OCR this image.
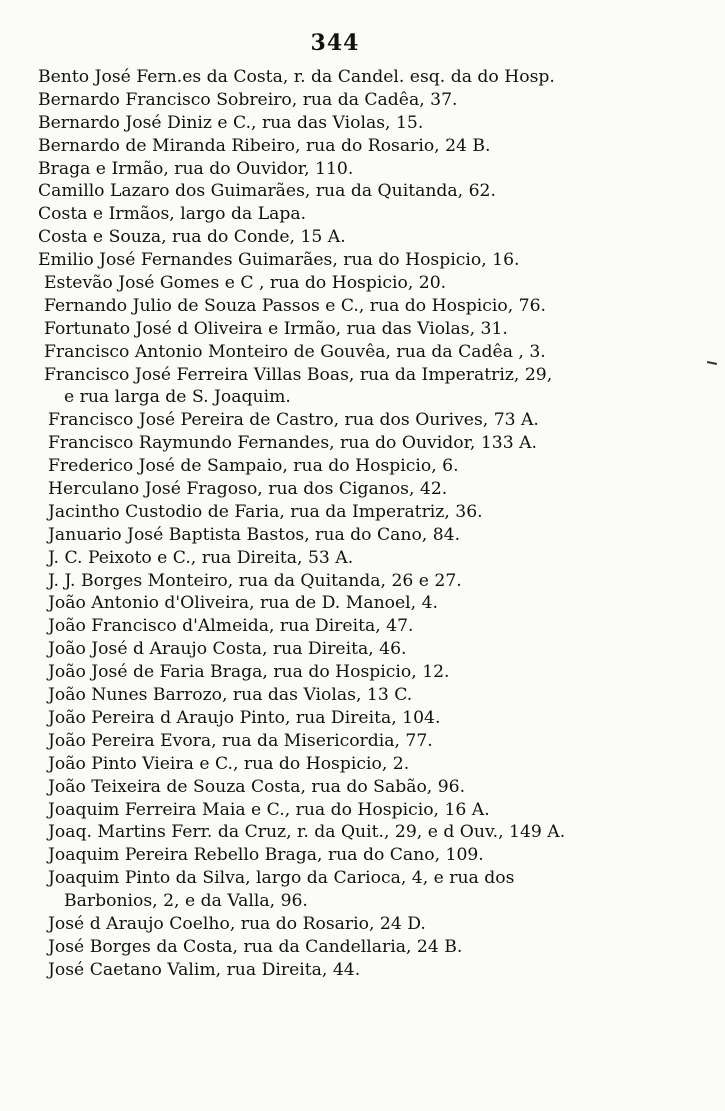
344
Bento José Fern.es da Costa, r. da Candel. esq. da do Hosp.
Bernardo Francisco Sobreiro, rua da Cadêa, 37.
Bernardo José Diniz e C., rua das Violas, 15.
Bernardo de Miranda Ribeiro, rua do Rosario, 24 B.
Braga e Irmão, rua do Ouvidor, 110.
Camillo Lazaro dos Guimarães, rua da Quitanda, 62.
Costa e Irmãos, largo da Lapa.
Costa e Souza, rua do Conde, 15 A.
Emilio José Fernandes Guimarães, rua do Hospicio, 16.
Estevão José Gomes e C , rua do Hospicio, 20.
Fernando Julio de Souza Passos e C., rua do Hospicio, 76.
Fortunato José d Oliveira e Irmão, rua das Violas, 31.
Francisco Antonio Monteiro de Gouvêa, rua da Cadêa , 3.
Francisco José Ferreira Villas Boas, rua da Imperatriz, 29,
e rua larga de S. Joaquim.
Francisco José Pereira de Castro, rua dos Ourives, 73 A.
Francisco Raymundo Fernandes, rua do Ouvidor, 133 A.
Frederico José de Sampaio, rua do Hospicio, 6.
Herculano José Fragoso, rua dos Ciganos, 42.
Jacintho Custodio de Faria, rua da Imperatriz, 36.
Januario José Baptista Bastos, rua do Cano, 84.
J. C. Peixoto e C., rua Direita, 53 A.
J. J. Borges Monteiro, rua da Quitanda, 26 e 27.
João Antonio d'Oliveira, rua de D. Manoel, 4.
João Francisco d'Almeida, rua Direita, 47.
João José d Araujo Costa, rua Direita, 46.
João José de Faria Braga, rua do Hospicio, 12.
João Nunes Barrozo, rua das Violas, 13 C.
João Pereira d Araujo Pinto, rua Direita, 104.
João Pereira Evora, rua da Misericordia, 77.
João Pinto Vieira e C., rua do Hospicio, 2.
João Teixeira de Souza Costa, rua do Sabão, 96.
Joaquim Ferreira Maia e C., rua do Hospicio, 16 A.
Joaq. Martins Ferr. da Cruz, r. da Quit., 29, e d Ouv., 149 A.
Joaquim Pereira Rebello Braga, rua do Cano, 109.
Joaquim Pinto da Silva, largo da Carioca, 4, e rua dos
Barbonios, 2, e da Valla, 96.
José d Araujo Coelho, rua do Rosario, 24 D.
José Borges da Costa, rua da Candellaria, 24 B.
José Caetano Valim, rua Direita, 44.
